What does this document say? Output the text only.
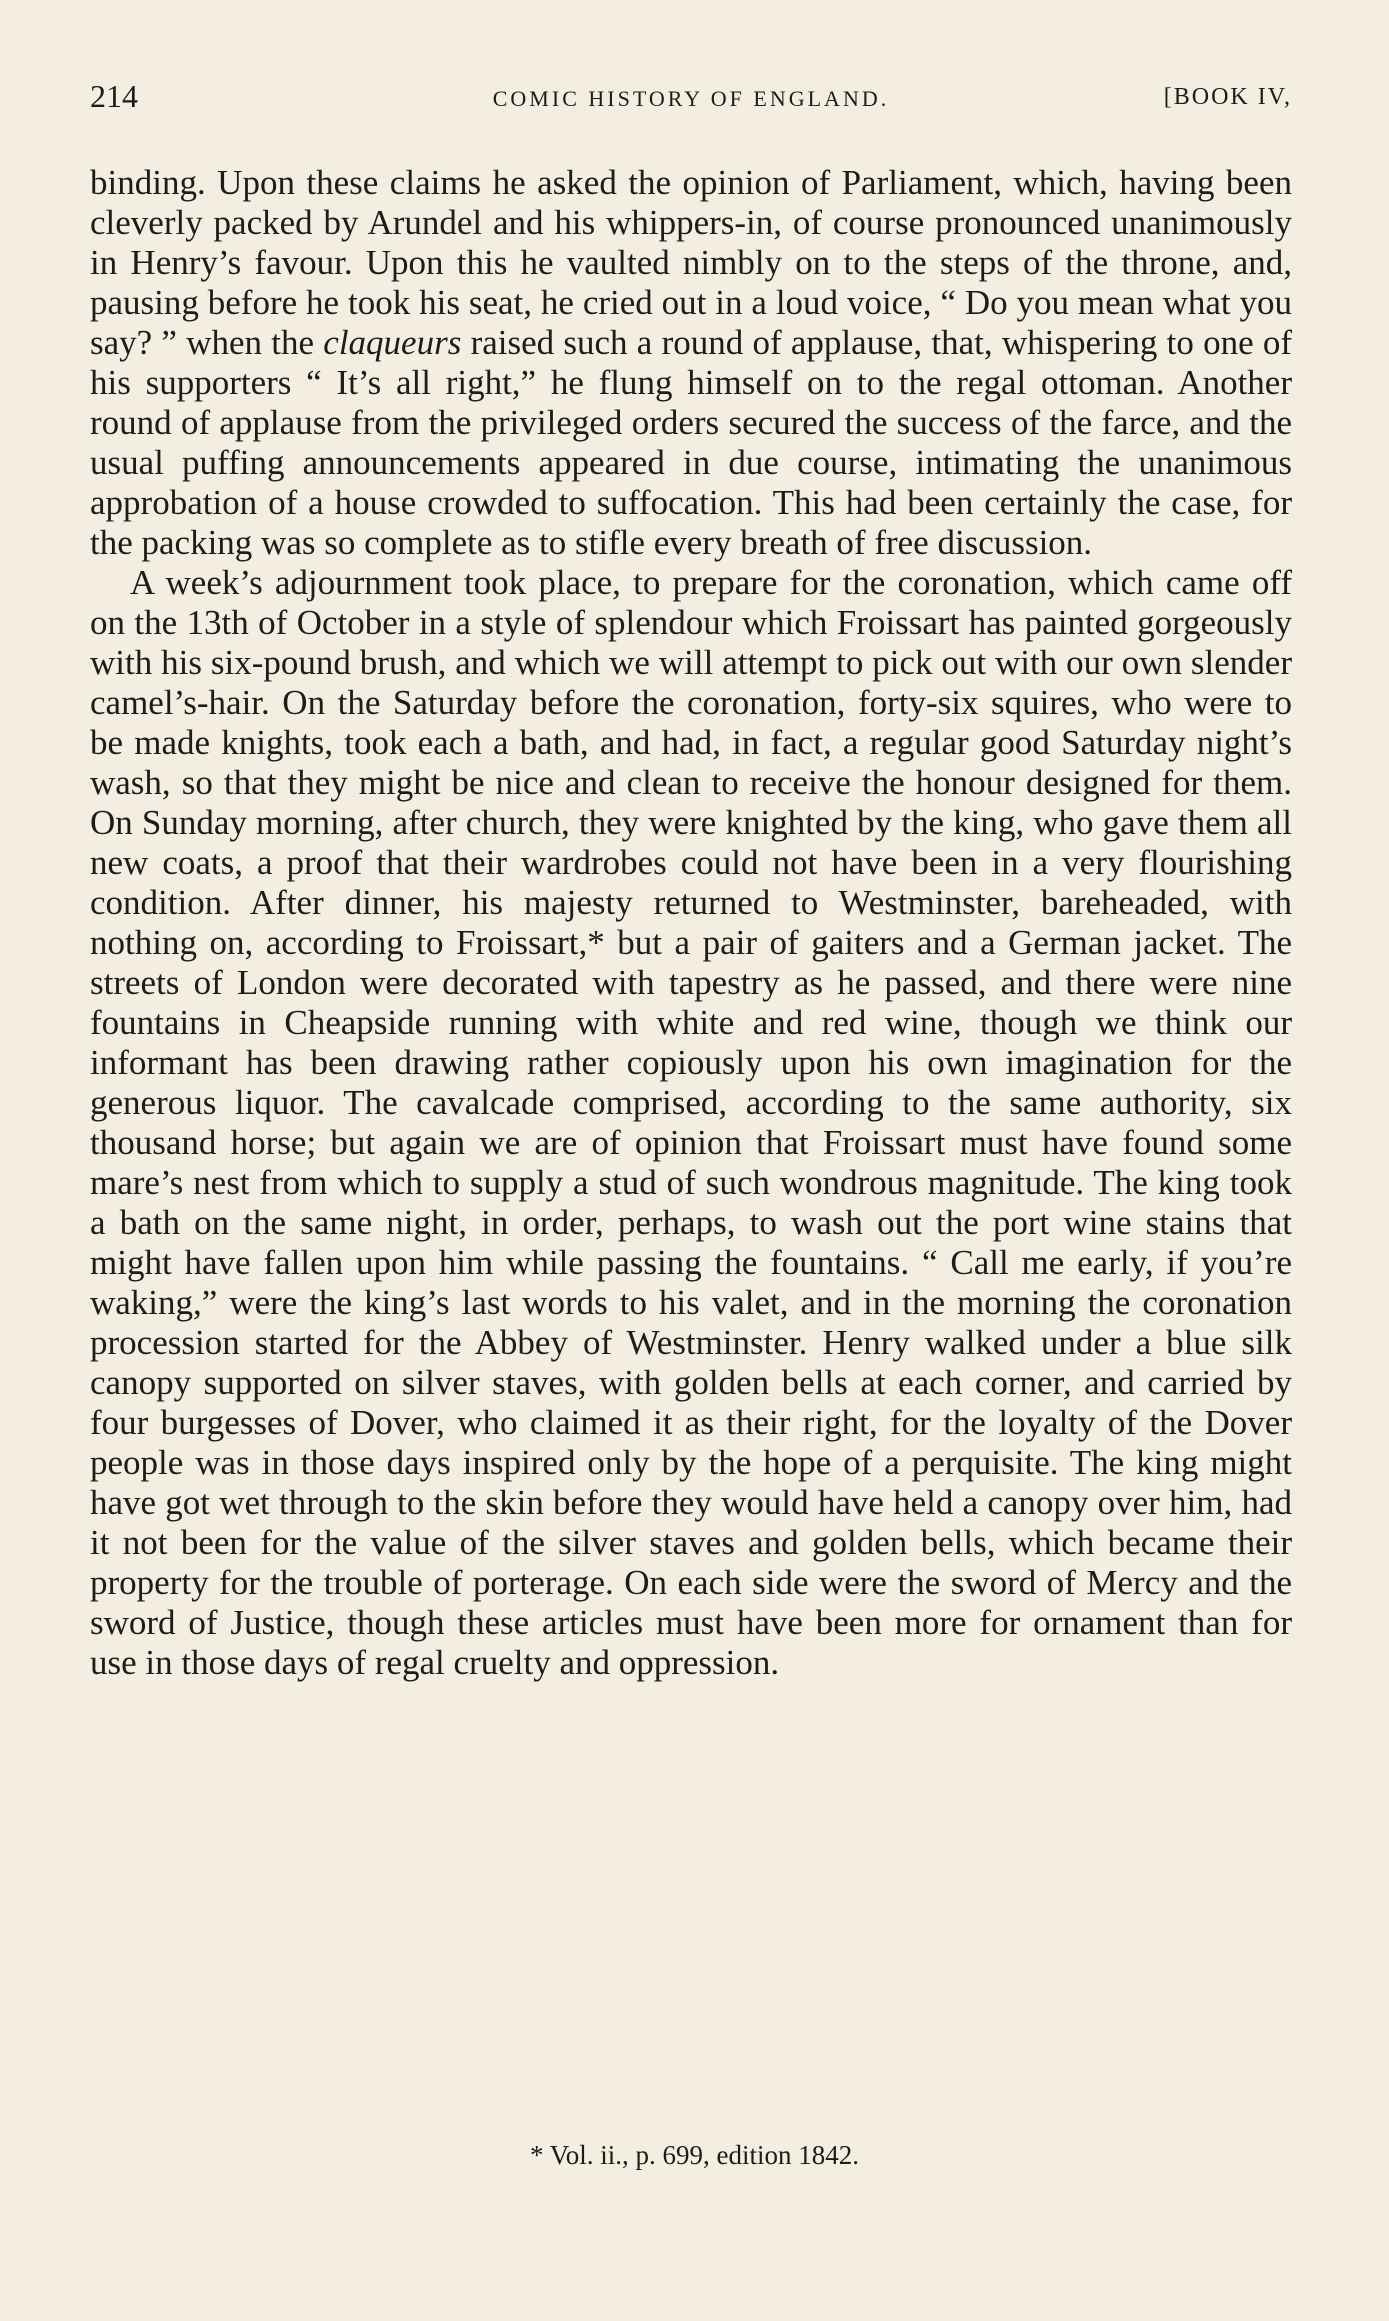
214	COMIC HISTORY OF ENGLAND.	[BOOK IV,

binding. Upon these claims he asked the opinion of Parliament, which, having been cleverly packed by Arundel and his whippers-in, of course pronounced unanimously in Henry’s favour. Upon this he vaulted nimbly on to the steps of the throne, and, pausing before he took his seat, he cried out in a loud voice, “ Do you mean what you say? ” when the claqueurs raised such a round of applause, that, whispering to one of his supporters “ It’s all right,” he flung himself on to the regal ottoman. Another round of applause from the privileged orders secured the success of the farce, and the usual puffing announcements appeared in due course, intimating the unanimous approbation of a house crowded to suffocation. This had been certainly the case, for the packing was so complete as to stifle every breath of free discussion.

A week’s adjournment took place, to prepare for the coronation, which came off on the 13th of October in a style of splendour which Froissart has painted gorgeously with his six-pound brush, and which we will attempt to pick out with our own slender camel’s-hair. On the Saturday before the coronation, forty-six squires, who were to be made knights, took each a bath, and had, in fact, a regular good Saturday night’s wash, so that they might be nice and clean to receive the honour designed for them. On Sunday morning, after church, they were knighted by the king, who gave them all new coats, a proof that their wardrobes could not have been in a very flourishing condition. After dinner, his majesty returned to Westminster, bareheaded, with nothing on, according to Froissart,* but a pair of gaiters and a German jacket. The streets of London were decorated with tapestry as he passed, and there were nine fountains in Cheapside running with white and red wine, though we think our informant has been drawing rather copiously upon his own imagination for the generous liquor. The cavalcade comprised, according to the same authority, six thousand horse; but again we are of opinion that Froissart must have found some mare’s nest from which to supply a stud of such wondrous magnitude. The king took a bath on the same night, in order, perhaps, to wash out the port wine stains that might have fallen upon him while passing the fountains. “ Call me early, if you’re waking,” were the king’s last words to his valet, and in the morning the coronation procession started for the Abbey of Westminster. Henry walked under a blue silk canopy supported on silver staves, with golden bells at each corner, and carried by four burgesses of Dover, who claimed it as their right, for the loyalty of the Dover people was in those days inspired only by the hope of a perquisite. The king might have got wet through to the skin before they would have held a canopy over him, had it not been for the value of the silver staves and golden bells, which became their property for the trouble of porterage. On each side were the sword of Mercy and the sword of Justice, though these articles must have been more for ornament than for use in those days of regal cruelty and oppression.

* Vol. ii., p. 699, edition 1842.
